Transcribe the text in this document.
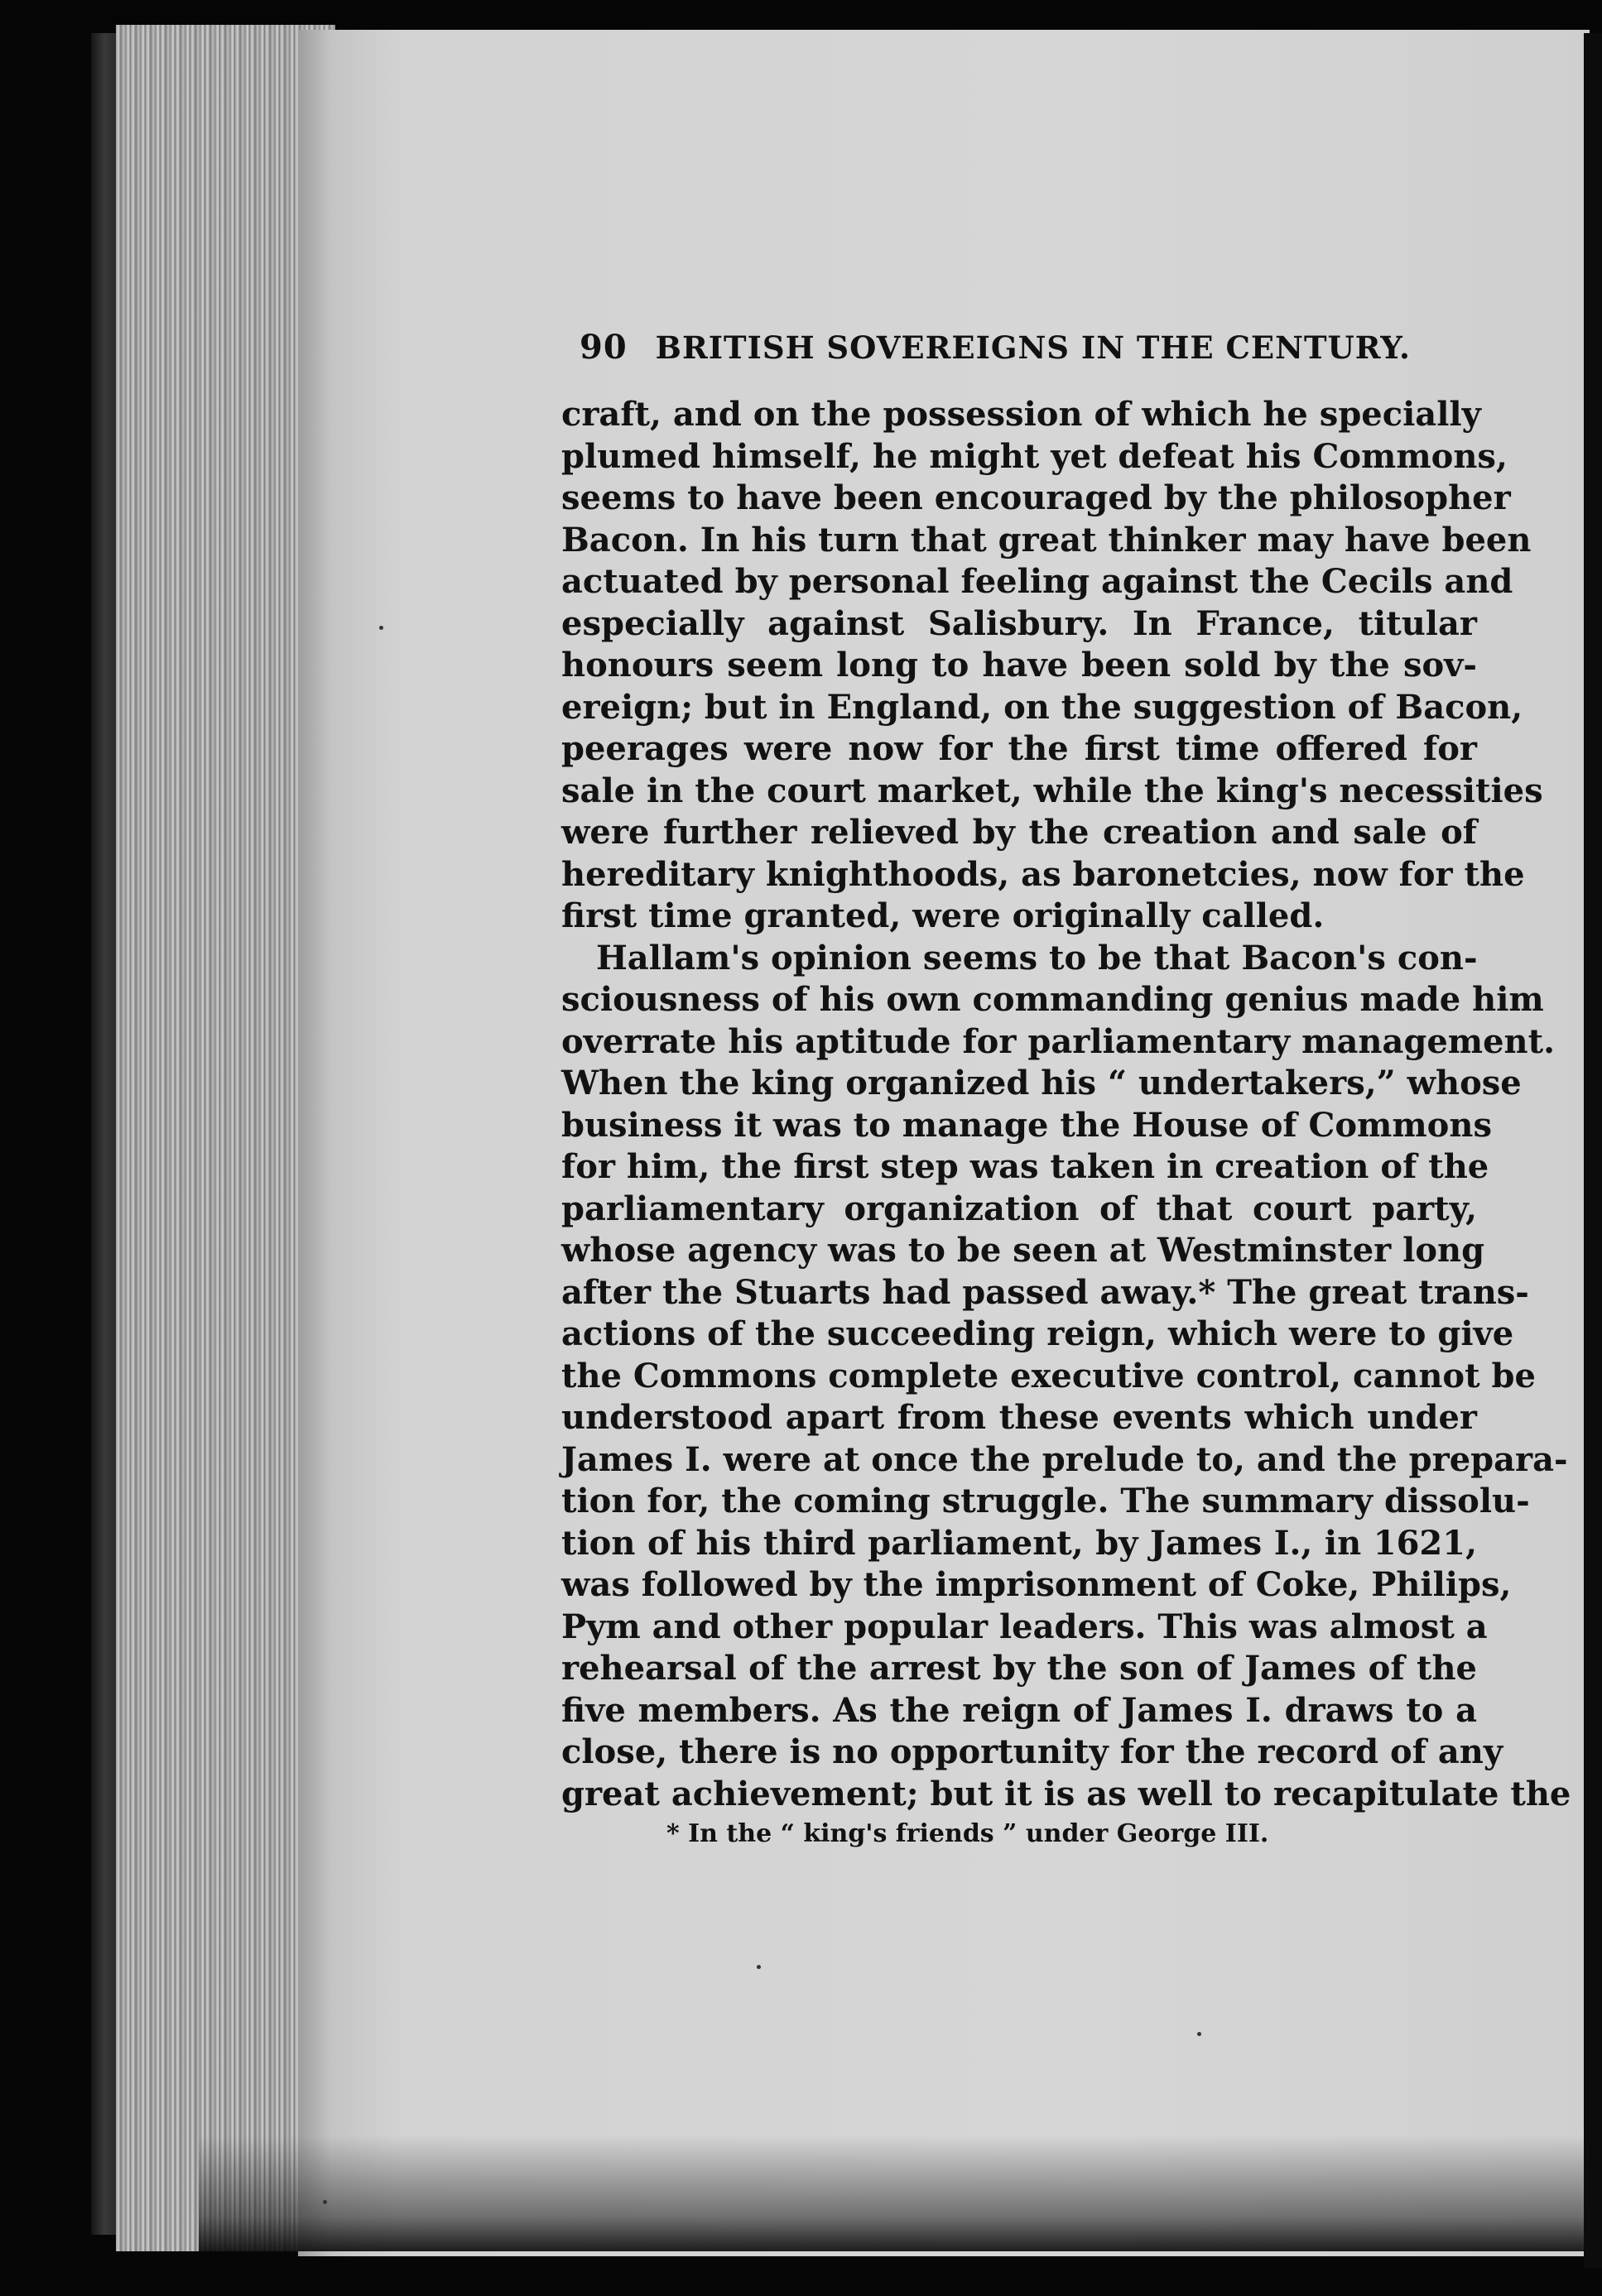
90 BRITISH SOVEREIGNS IN THE CENTURY.
craft, and on the possession of which he specially
plumed himself, he might yet defeat his Commons,
seems to have been encouraged by the philosopher
Bacon. In his turn that great thinker may have been
actuated by personal feeling against the Cecils and
especially against Salisbury. In France, titular
honours seem long to have been sold by the sov-
ereign; but in England, on the suggestion of Bacon,
peerages were now for the first time offered for
sale in the court market, while the king's necessities
were further relieved by the creation and sale of
hereditary knighthoods, as baronetcies, now for the
first time granted, were originally called.
Hallam's opinion seems to be that Bacon's con-
sciousness of his own commanding genius made him
overrate his aptitude for parliamentary management.
When the king organized his “ undertakers,” whose
business it was to manage the House of Commons
for him, the first step was taken in creation of the
parliamentary organization of that court party,
whose agency was to be seen at Westminster long
after the Stuarts had passed away.* The great trans-
actions of the succeeding reign, which were to give
the Commons complete executive control, cannot be
understood apart from these events which under
James I. were at once the prelude to, and the prepara-
tion for, the coming struggle. The summary dissolu-
tion of his third parliament, by James I., in 1621,
was followed by the imprisonment of Coke, Philips,
Pym and other popular leaders. This was almost a
rehearsal of the arrest by the son of James of the
five members. As the reign of James I. draws to a
close, there is no opportunity for the record of any
great achievement; but it is as well to recapitulate the
* In the “ king's friends ” under George III.
